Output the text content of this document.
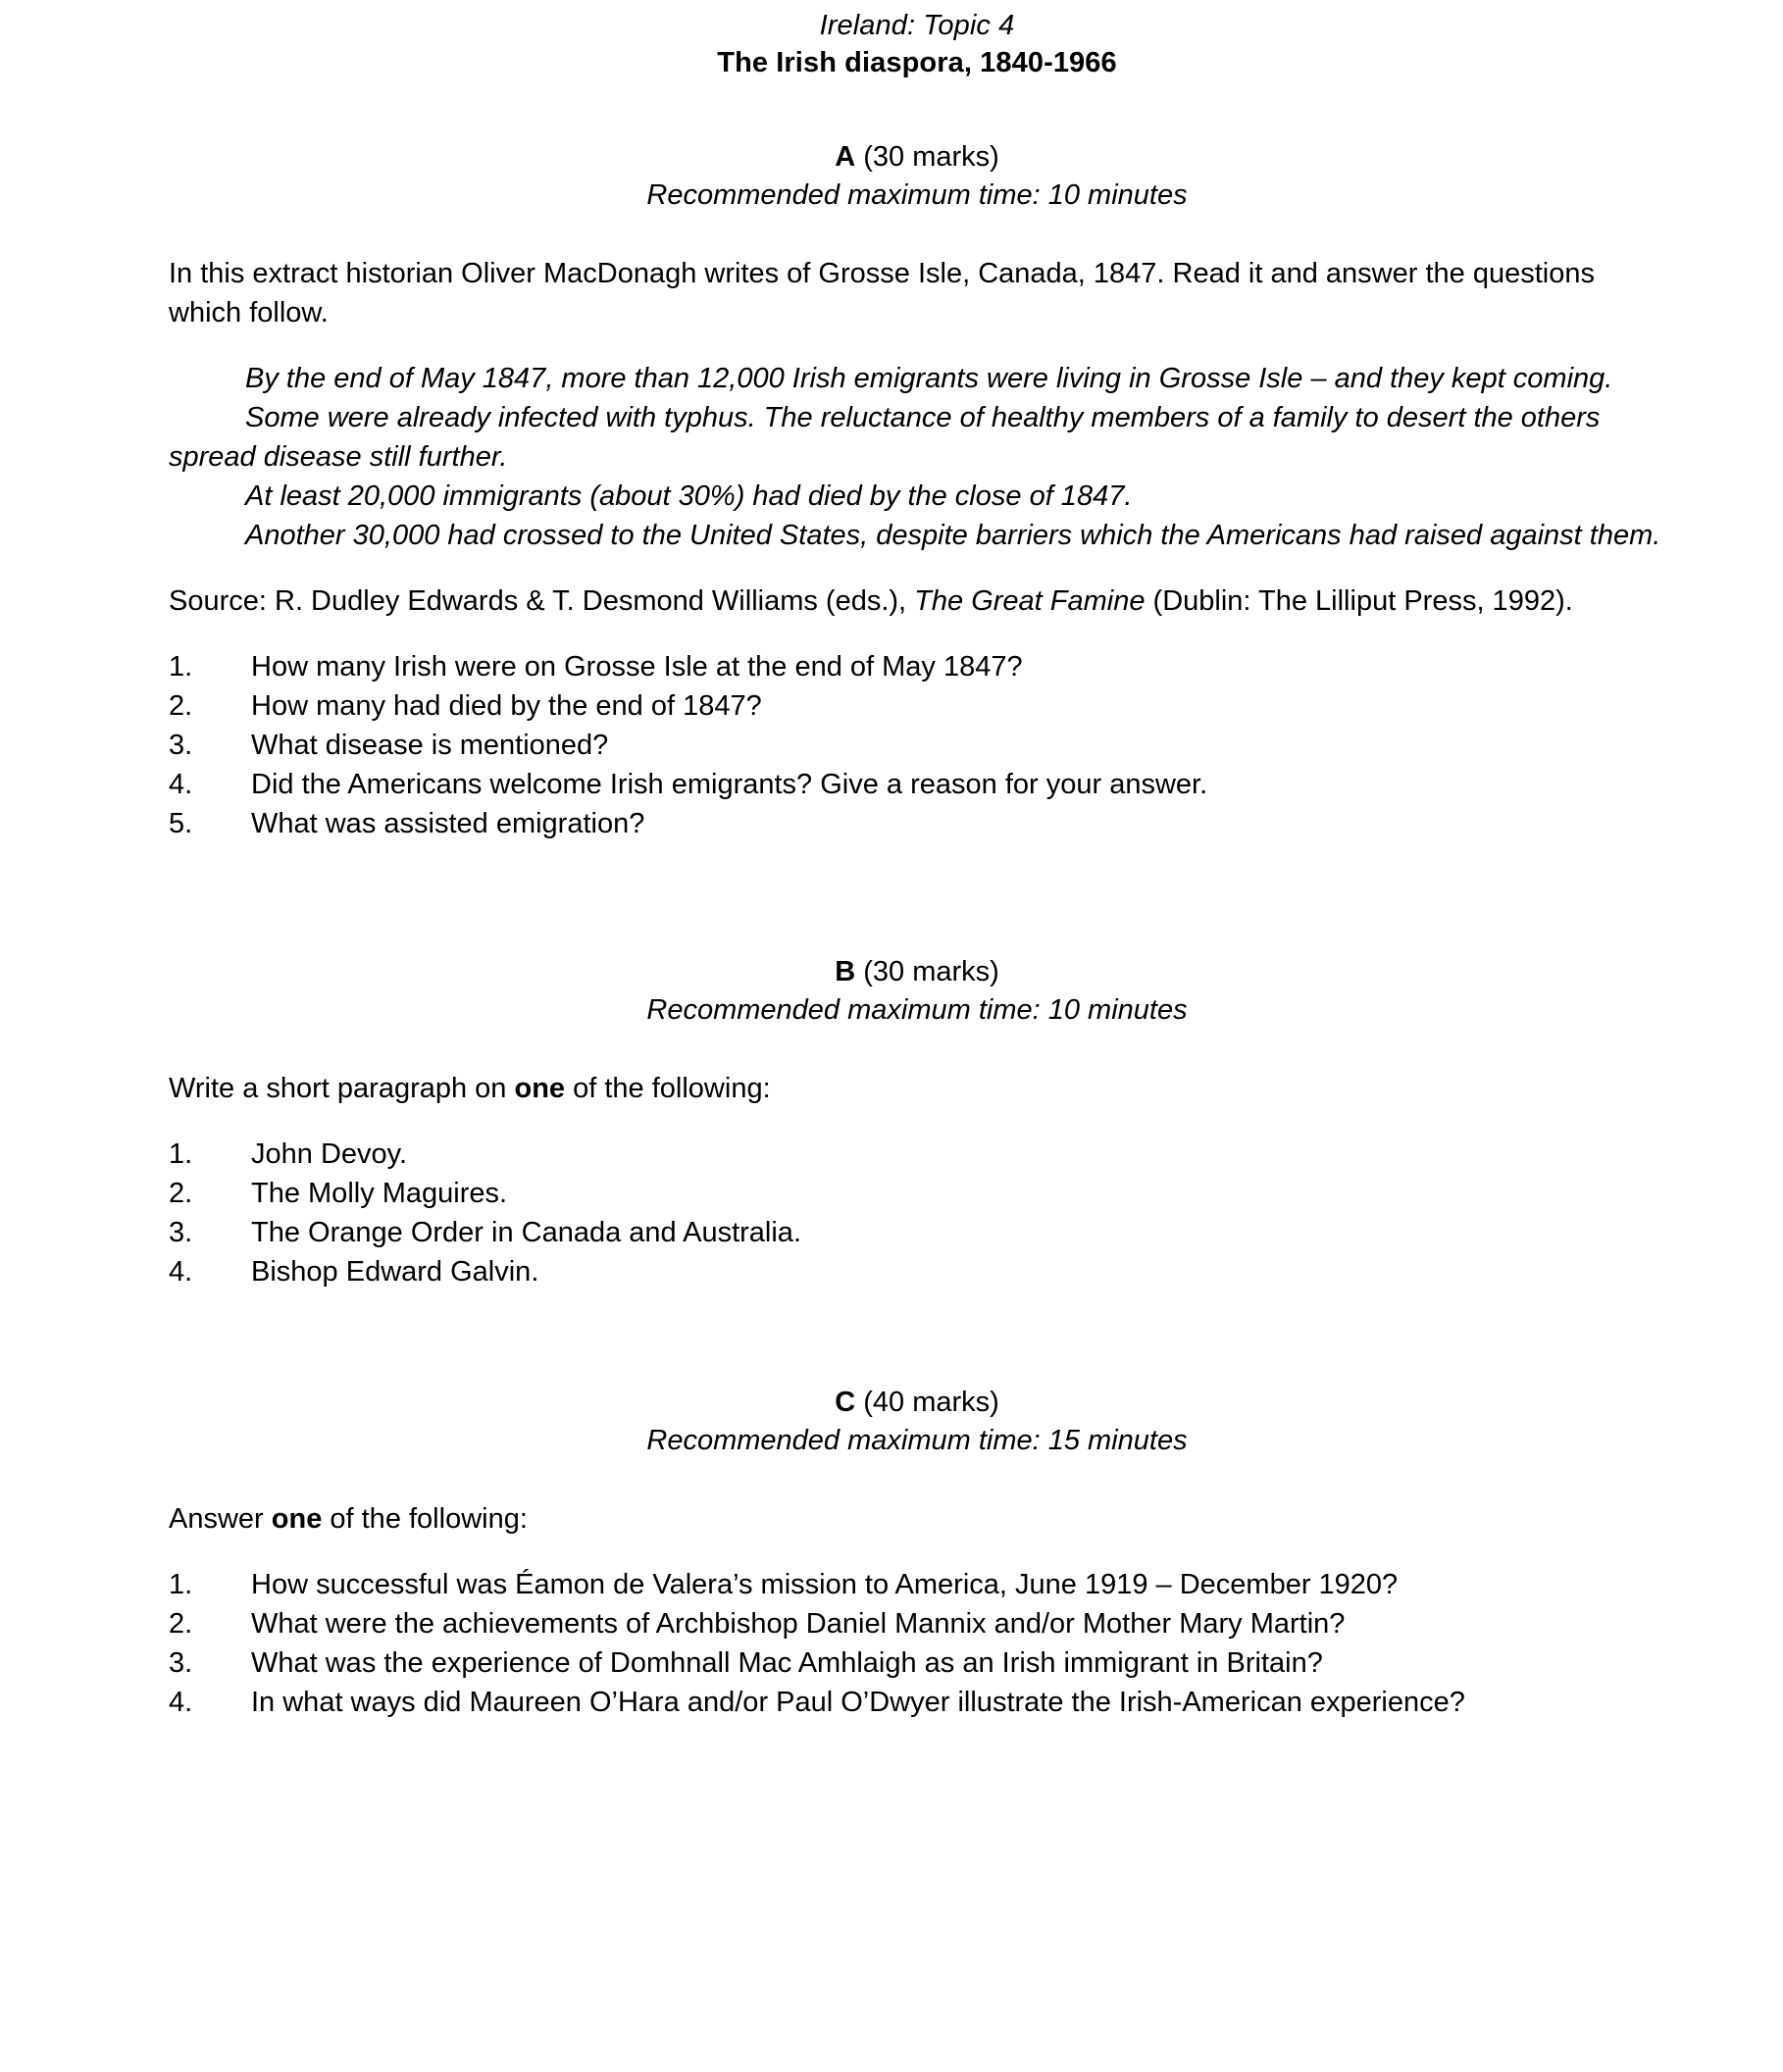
Ireland: Topic 4

The Irish diaspora, 1840-1966

A (30 marks)

Recommended maximum time: 10 minutes

In this extract historian Oliver MacDonagh writes of Grosse Isle, Canada, 1847. Read it and answer the questions which follow.

By the end of May 1847, more than 12,000 Irish emigrants were living in Grosse Isle – and they kept coming.

Some were already infected with typhus. The reluctance of healthy members of a family to desert the others spread disease still further.

At least 20,000 immigrants (about 30%) had died by the close of 1847.

Another 30,000 had crossed to the United States, despite barriers which the Americans had raised against them.

Source: R. Dudley Edwards & T. Desmond Williams (eds.), The Great Famine (Dublin: The Lilliput Press, 1992).

1.	How many Irish were on Grosse Isle at the end of May 1847?
2.	How many had died by the end of 1847?
3.	What disease is mentioned?
4.	Did the Americans welcome Irish emigrants? Give a reason for your answer.
5.	What was assisted emigration?

B (30 marks)

Recommended maximum time: 10 minutes

Write a short paragraph on one of the following:

1.	John Devoy.
2.	The Molly Maguires.
3.	The Orange Order in Canada and Australia.
4.	Bishop Edward Galvin.

C (40 marks)

Recommended maximum time: 15 minutes

Answer one of the following:

1.	How successful was Éamon de Valera’s mission to America, June 1919 – December 1920?
2.	What were the achievements of Archbishop Daniel Mannix and/or Mother Mary Martin?
3.	What was the experience of Domhnall Mac Amhlaigh as an Irish immigrant in Britain?
4.	In what ways did Maureen O’Hara and/or Paul O’Dwyer illustrate the Irish-American experience?
